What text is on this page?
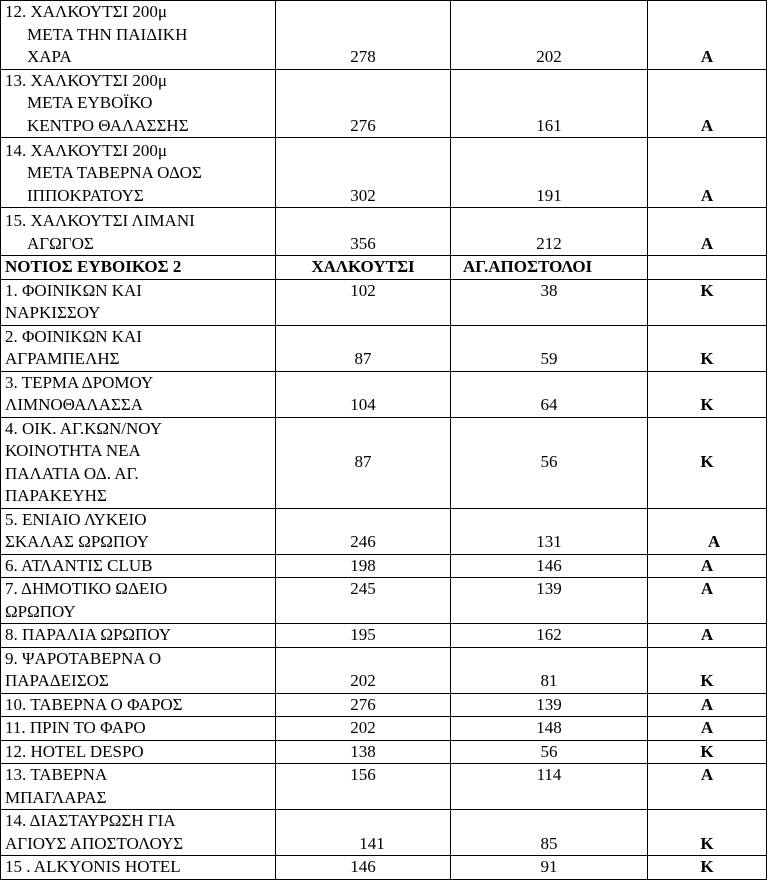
12. ΧΑΛΚΟΥΤΣΙ 200μ
ΜΕΤΑ ΤΗΝ ΠΑΙΔΙΚΗ
ΧΑΡΑ	278	202	A
13. ΧΑΛΚΟΥΤΣΙ 200μ
ΜΕΤΑ ΕΥΒΟΪΚΟ
ΚΕΝΤΡΟ ΘΑΛΑΣΣΗΣ	276	161	A
14. ΧΑΛΚΟΥΤΣΙ 200μ
ΜΕΤΑ ΤΑΒΕΡΝΑ ΟΔΟΣ
ΙΠΠΟΚΡΑΤΟΥΣ	302	191	A
15. ΧΑΛΚΟΥΤΣΙ ΛΙΜΑΝΙ
ΑΓΩΓΟΣ	356	212	A
ΝΟΤΙΟΣ ΕΥΒΟΙΚΟΣ 2	ΧΑΛΚΟΥΤΣΙ	ΑΓ.ΑΠΟΣΤΟΛΟΙ	
1. ΦΟΙΝΙΚΩΝ ΚΑΙ
ΝΑΡΚΙΣΣΟΥ	102	38	K
2. ΦΟΙΝΙΚΩΝ ΚΑΙ
ΑΓΡΑΜΠΕΛΗΣ	87	59	K
3. ΤΕΡΜΑ ΔΡΟΜΟΥ
ΛΙΜΝΟΘΑΛΑΣΣΑ	104	64	K
4. ΟΙΚ. ΑΓ.ΚΩΝ/ΝΟΥ
ΚΟΙΝΟΤΗΤΑ ΝΕΑ
ΠΑΛΑΤΙΑ ΟΔ. ΑΓ.
ΠΑΡΑΚΕΥΗΣ	87	56	K
5. ΕΝΙΑΙΟ ΛΥΚΕΙΟ
ΣΚΑΛΑΣ ΩΡΩΠΟΥ	246	131	A
6. ΑΤΛΑΝΤΙΣ CLUB	198	146	A
7. ΔΗΜΟΤΙΚΟ ΩΔΕΙΟ
ΩΡΩΠΟΥ	245	139	A
8. ΠΑΡΑΛΙΑ ΩΡΩΠΟΥ	195	162	A
9. ΨΑΡΟΤΑΒΕΡΝΑ Ο
ΠΑΡΑΔΕΙΣΟΣ	202	81	K
10. ΤΑΒΕΡΝΑ Ο ΦΑΡΟΣ	276	139	A
11. ΠΡΙΝ ΤΟ ΦΑΡΟ	202	148	A
12. HOTEL DESPO	138	56	K
13. ΤΑΒΕΡΝΑ
ΜΠΑΓΛΑΡΑΣ	156	114	A
14. ΔΙΑΣΤΑΥΡΩΣΗ ΓΙΑ
ΑΓΙΟΥΣ ΑΠΟΣΤΟΛΟΥΣ	141	85	K
15 . ALKYONIS HOTEL	146	91	K
